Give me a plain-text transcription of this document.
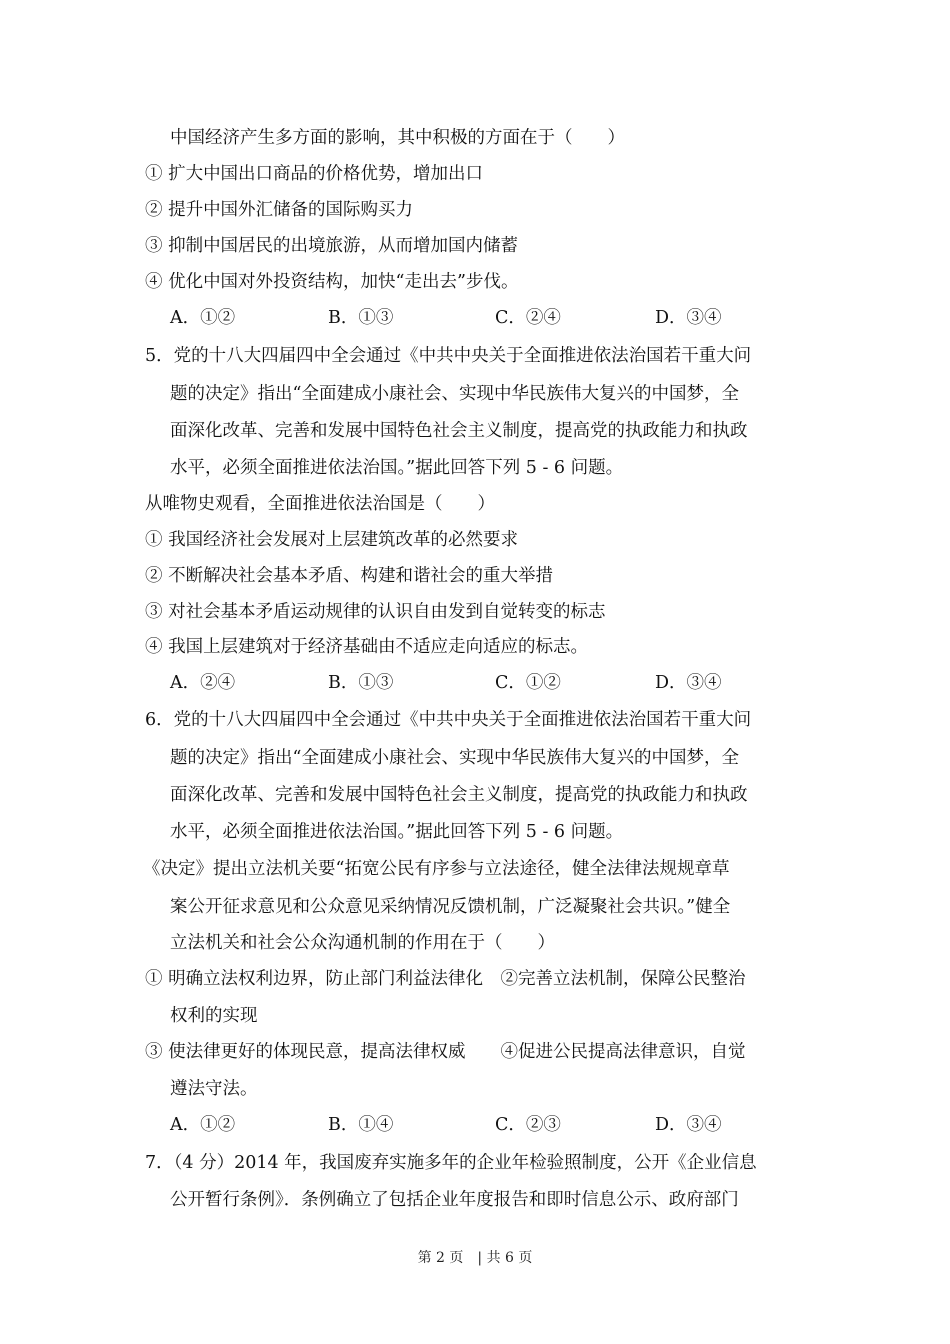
中国经济产生多方面的影响，其中积极的方面在于（　　）
① 扩大中国出口商品的价格优势，增加出口
② 提升中国外汇储备的国际购买力
③ 抑制中国居民的出境旅游，从而增加国内储蓄
④ 优化中国对外投资结构，加快“走出去”步伐。
A．①②	B．①③	C．②④	D．③④
5．党的十八大四届四中全会通过《中共中央关于全面推进依法治国若干重大问
题的决定》指出“全面建成小康社会、实现中华民族伟大复兴的中国梦，全
面深化改革、完善和发展中国特色社会主义制度，提高党的执政能力和执政
水平，必须全面推进依法治国。”据此回答下列 5 - 6 问题。
从唯物史观看，全面推进依法治国是（　　）
① 我国经济社会发展对上层建筑改革的必然要求
② 不断解决社会基本矛盾、构建和谐社会的重大举措
③ 对社会基本矛盾运动规律的认识自由发到自觉转变的标志
④ 我国上层建筑对于经济基础由不适应走向适应的标志。
A．②④	B．①③	C．①②	D．③④
6．党的十八大四届四中全会通过《中共中央关于全面推进依法治国若干重大问
题的决定》指出“全面建成小康社会、实现中华民族伟大复兴的中国梦，全
面深化改革、完善和发展中国特色社会主义制度，提高党的执政能力和执政
水平，必须全面推进依法治国。”据此回答下列 5 - 6 问题。
《决定》提出立法机关要“拓宽公民有序参与立法途径，健全法律法规规章草
案公开征求意见和公众意见采纳情况反馈机制，广泛凝聚社会共识。”健全
立法机关和社会公众沟通机制的作用在于（　　）
① 明确立法权利边界，防止部门利益法律化　②完善立法机制，保障公民整治
权利的实现
③ 使法律更好的体现民意，提高法律权威　　④促进公民提高法律意识，自觉
遵法守法。
A．①②	B．①④	C．②③	D．③④
7．（4 分）2014 年，我国废弃实施多年的企业年检验照制度，公开《企业信息
公开暂行条例》．条例确立了包括企业年度报告和即时信息公示、政府部门
第 2 页　| 共 6 页
